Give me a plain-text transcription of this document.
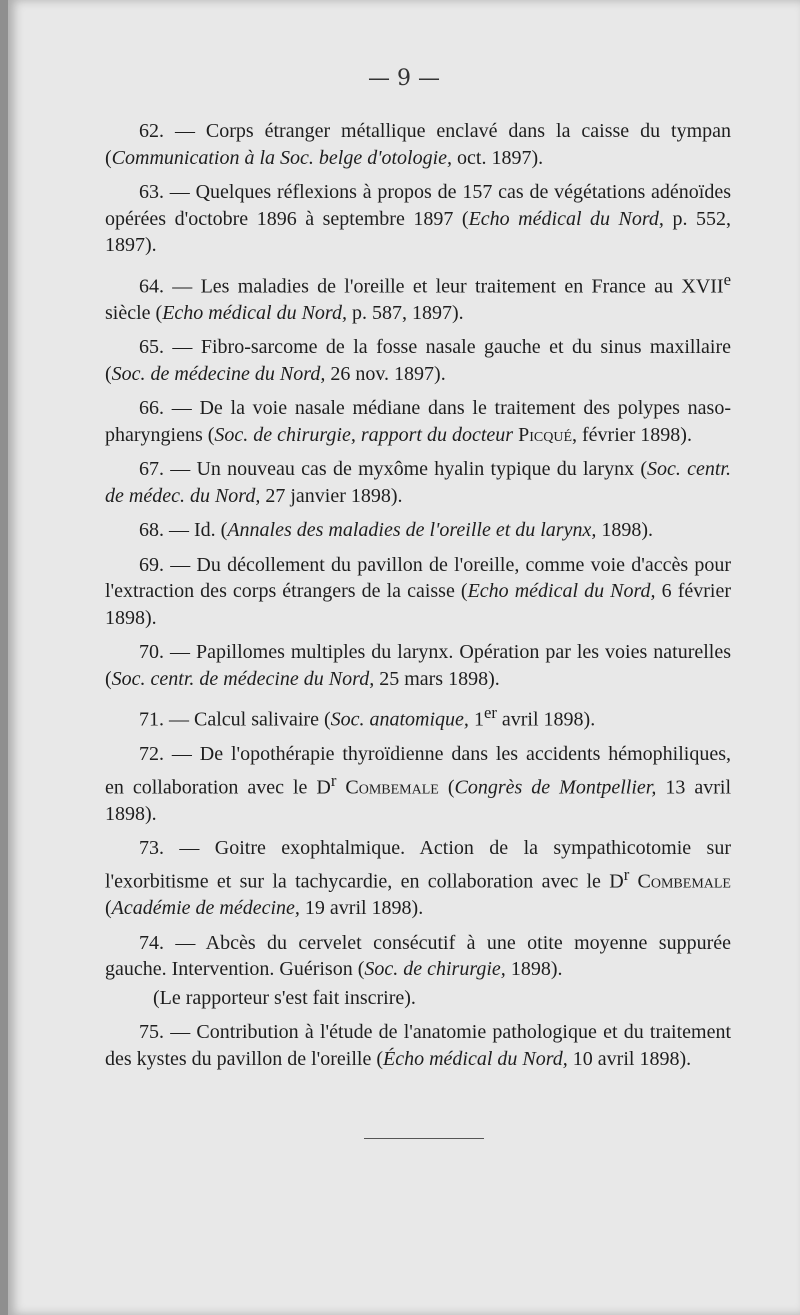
— 9 —

62. — Corps étranger métallique enclavé dans la caisse du tympan (Communication à la Soc. belge d'otologie, oct. 1897).

63. — Quelques réflexions à propos de 157 cas de végétations adénoïdes opérées d'octobre 1896 à septembre 1897 (Echo médical du Nord, p. 552, 1897).

64. — Les maladies de l'oreille et leur traitement en France au XVIIe siècle (Echo médical du Nord, p. 587, 1897).

65. — Fibro-sarcome de la fosse nasale gauche et du sinus maxillaire (Soc. de médecine du Nord, 26 nov. 1897).

66. — De la voie nasale médiane dans le traitement des polypes naso-pharyngiens (Soc. de chirurgie, rapport du docteur Picqué, février 1898).

67. — Un nouveau cas de myxôme hyalin typique du larynx (Soc. centr. de médec. du Nord, 27 janvier 1898).

68. — Id. (Annales des maladies de l'oreille et du larynx, 1898).

69. — Du décollement du pavillon de l'oreille, comme voie d'accès pour l'extraction des corps étrangers de la caisse (Echo médical du Nord, 6 février 1898).

70. — Papillomes multiples du larynx. Opération par les voies naturelles (Soc. centr. de médecine du Nord, 25 mars 1898).

71. — Calcul salivaire (Soc. anatomique, 1er avril 1898).

72. — De l'opothérapie thyroïdienne dans les accidents hémophiliques, en collaboration avec le $D^r$ Combemale (Congrès de Montpellier, 13 avril 1898).

73. — Goitre exophtalmique. Action de la sympathicotomie sur l'exorbitisme et sur la tachycardie, en collaboration avec le $D^r$ Combemale (Académie de médecine, 19 avril 1898).

74. — Abcès du cervelet consécutif à une otite moyenne suppurée gauche. Intervention. Guérison (Soc. de chirurgie, 1898).

(Le rapporteur s'est fait inscrire).

75. — Contribution à l'étude de l'anatomie pathologique et du traitement des kystes du pavillon de l'oreille (Écho médical du Nord, 10 avril 1898).
